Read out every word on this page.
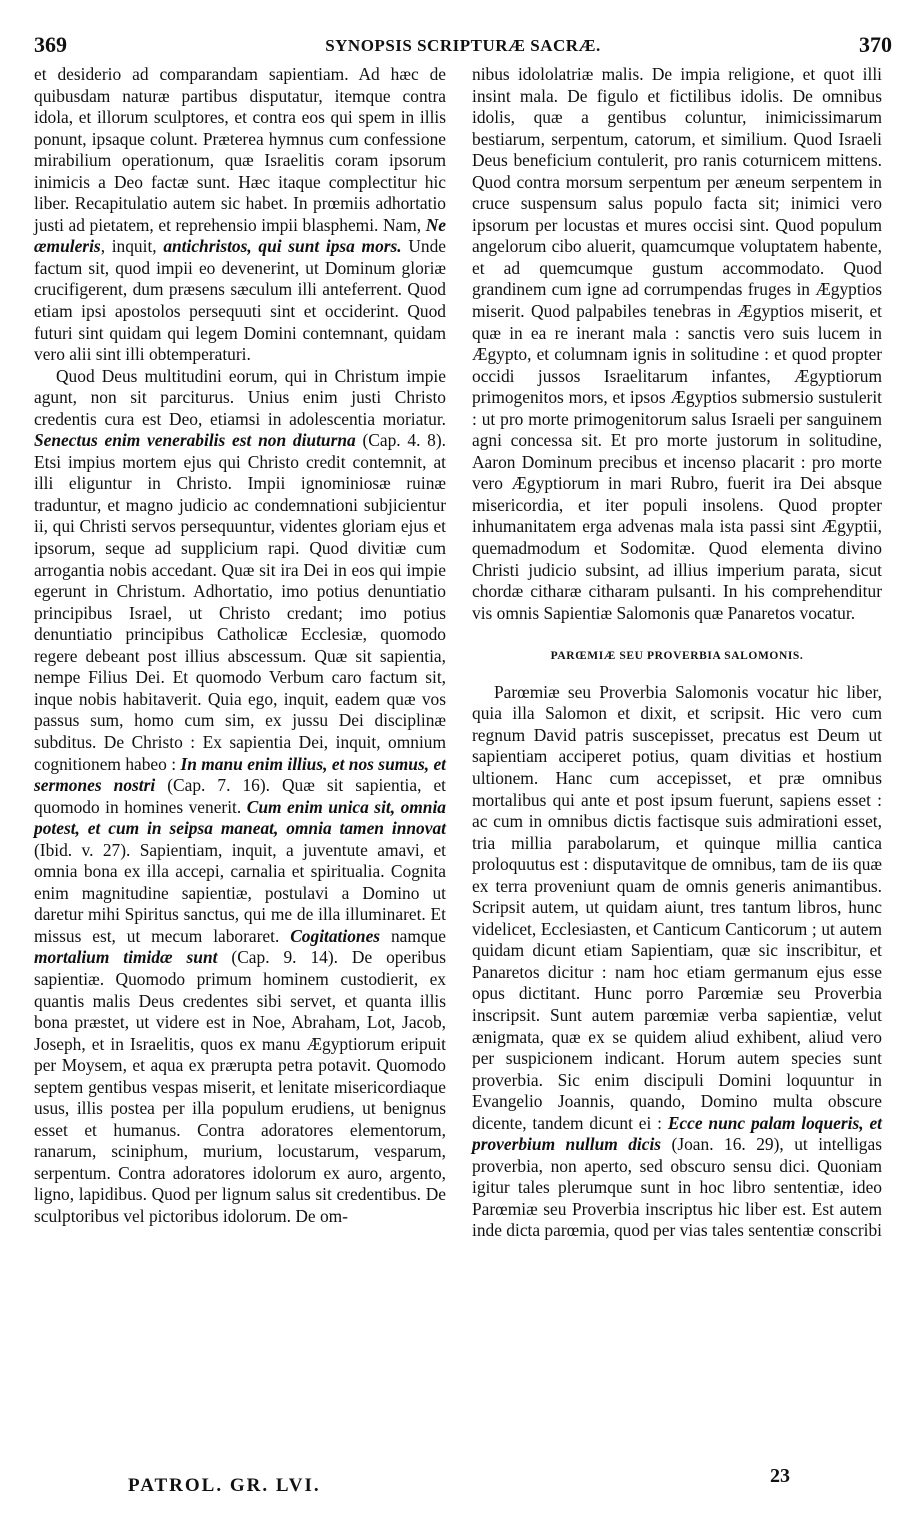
369	SYNOPSIS SCRIPTURÆ SACRÆ.	370

et desiderio ad comparandam sapientiam. Ad hæc de quibusdam naturæ partibus disputatur, itemque contra idola, et illorum sculptores, et contra eos qui spem in illis ponunt, ipsaque colunt. Præterea hymnus cum confessione mirabilium operationum, quæ Israelitis coram ipsorum inimicis a Deo factæ sunt. Hæc itaque complectitur hic liber. Recapitulatio autem sic habet. In prœmiis adhortatio justi ad pietatem, et reprehensio impii blasphemi. Nam, Ne æmuleris, inquit, antichristos, qui sunt ipsa mors. Unde factum sit, quod impii eo devenerint, ut Dominum gloriæ crucifigerent, dum præsens sæculum illi anteferrent. Quod etiam ipsi apostolos persequuti sint et occiderint. Quod futuri sint quidam qui legem Domini contemnant, quidam vero alii sint illi obtemperaturi.

Quod Deus multitudini eorum, qui in Christum impie agunt, non sit parciturus. Unius enim justi Christo credentis cura est Deo, etiamsi in adolescentia moriatur. Senectus enim venerabilis est non diuturna (Cap. 4. 8). Etsi impius mortem ejus qui Christo credit contemnit, at illi eliguntur in Christo. Impii ignominiosæ ruinæ traduntur, et magno judicio ac condemnationi subjicientur ii, qui Christi servos persequuntur, videntes gloriam ejus et ipsorum, seque ad supplicium rapi. Quod divitiæ cum arrogantia nobis accedant. Quæ sit ira Dei in eos qui impie egerunt in Christum. Adhortatio, imo potius denuntiatio principibus Israel, ut Christo credant; imo potius denuntiatio principibus Catholicæ Ecclesiæ, quomodo regere debeant post illius abscessum. Quæ sit sapientia, nempe Filius Dei. Et quomodo Verbum caro factum sit, inque nobis habitaverit. Quia ego, inquit, eadem quæ vos passus sum, homo cum sim, ex jussu Dei disciplinæ subditus. De Christo : Ex sapientia Dei, inquit, omnium cognitionem habeo : In manu enim illius, et nos sumus, et sermones nostri (Cap. 7. 16). Quæ sit sapientia, et quomodo in homines venerit. Cum enim unica sit, omnia potest, et cum in seipsa maneat, omnia tamen innovat (Ibid. v. 27). Sapientiam, inquit, a juventute amavi, et omnia bona ex illa accepi, carnalia et spiritualia. Cognita enim magnitudine sapientiæ, postulavi a Domino ut daretur mihi Spiritus sanctus, qui me de illa illuminaret. Et missus est, ut mecum laboraret. Cogitationes namque mortalium timidæ sunt (Cap. 9. 14). De operibus sapientiæ. Quomodo primum hominem custodierit, ex quantis malis Deus credentes sibi servet, et quanta illis bona præstet, ut videre est in Noe, Abraham, Lot, Jacob, Joseph, et in Israelitis, quos ex manu Ægyptiorum eripuit per Moysem, et aqua ex prærupta petra potavit. Quomodo septem gentibus vespas miserit, et lenitate misericordiaque usus, illis postea per illa populum erudiens, ut benignus esset et humanus. Contra adoratores elementorum, ranarum, sciniphum, murium, locustarum, vesparum, serpentum. Contra adoratores idolorum ex auro, argento, ligno, lapidibus. Quod per lignum salus sit credentibus. De sculptoribus vel pictoribus idolorum. De om-

nibus idololatriæ malis. De impia religione, et quot illi insint mala. De figulo et fictilibus idolis. De omnibus idolis, quæ a gentibus coluntur, inimicissimarum bestiarum, serpentum, catorum, et similium. Quod Israeli Deus beneficium contulerit, pro ranis coturnicem mittens. Quod contra morsum serpentum per æneum serpentem in cruce suspensum salus populo facta sit; inimici vero ipsorum per locustas et mures occisi sint. Quod populum angelorum cibo aluerit, quamcumque voluptatem habente, et ad quemcumque gustum accommodato. Quod grandinem cum igne ad corrumpendas fruges in Ægyptios miserit. Quod palpabiles tenebras in Ægyptios miserit, et quæ in ea re inerant mala : sanctis vero suis lucem in Ægypto, et columnam ignis in solitudine : et quod propter occidi jussos Israelitarum infantes, Ægyptiorum primogenitos mors, et ipsos Ægyptios submersio sustulerit : ut pro morte primogenitorum salus Israeli per sanguinem agni concessa sit. Et pro morte justorum in solitudine, Aaron Dominum precibus et incenso placarit : pro morte vero Ægyptiorum in mari Rubro, fuerit ira Dei absque misericordia, et iter populi insolens. Quod propter inhumanitatem erga advenas mala ista passi sint Ægyptii, quemadmodum et Sodomitæ. Quod elementa divino Christi judicio subsint, ad illius imperium parata, sicut chordæ citharæ citharam pulsanti. In his comprehenditur vis omnis Sapientiæ Salomonis quæ Panaretos vocatur.

PARŒMIÆ SEU PROVERBIA SALOMONIS.

Parœmiæ seu Proverbia Salomonis vocatur hic liber, quia illa Salomon et dixit, et scripsit. Hic vero cum regnum David patris suscepisset, precatus est Deum ut sapientiam acciperet potius, quam divitias et hostium ultionem. Hanc cum accepisset, et præ omnibus mortalibus qui ante et post ipsum fuerunt, sapiens esset : ac cum in omnibus dictis factisque suis admirationi esset, tria millia parabolarum, et quinque millia cantica proloquutus est : disputavitque de omnibus, tam de iis quæ ex terra proveniunt quam de omnis generis animantibus. Scripsit autem, ut quidam aiunt, tres tantum libros, hunc videlicet, Ecclesiasten, et Canticum Canticorum ; ut autem quidam dicunt etiam Sapientiam, quæ sic inscribitur, et Panaretos dicitur : nam hoc etiam germanum ejus esse opus dictitant. Hunc porro Parœmiæ seu Proverbia inscripsit. Sunt autem parœmiæ verba sapientiæ, velut ænigmata, quæ ex se quidem aliud exhibent, aliud vero per suspicionem indicant. Horum autem species sunt proverbia. Sic enim discipuli Domini loquuntur in Evangelio Joannis, quando, Domino multa obscure dicente, tandem dicunt ei : Ecce nunc palam loqueris, et proverbium nullum dicis (Joan. 16. 29), ut intelligas proverbia, non aperto, sed obscuro sensu dici. Quoniam igitur tales plerumque sunt in hoc libro sententiæ, ideo Parœmiæ seu Proverbia inscriptus hic liber est. Est autem inde dicta parœmia, quod per vias tales sententiæ conscribi

PATROL. GR. LVI.	23
